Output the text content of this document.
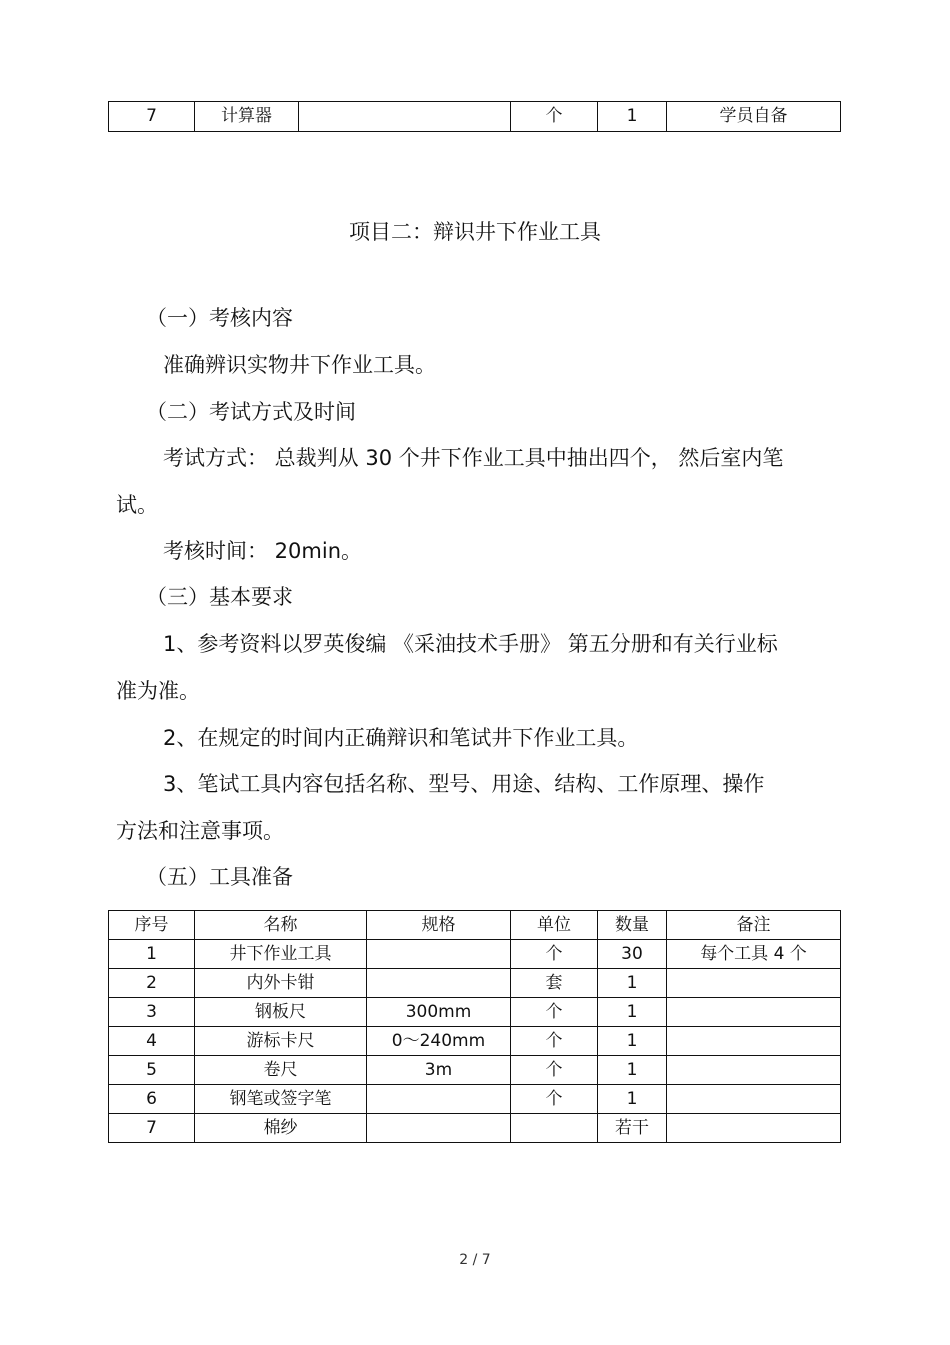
7	计算器		个	1	学员自备
项目二：辩识井下作业工具
（一）考核内容
准确辨识实物井下作业工具。
（二）考试方式及时间
考试方式： 总裁判从 30 个井下作业工具中抽出四个， 然后室内笔
试。
考核时间： 20min。
（三）基本要求
1、参考资料以罗英俊编 《采油技术手册》 第五分册和有关行业标
准为准。
2、在规定的时间内正确辩识和笔试井下作业工具。
3、笔试工具内容包括名称、型号、用途、结构、工作原理、操作
方法和注意事项。
（五）工具准备
序号	名称	规格	单位	数量	备注
1	井下作业工具		个	30	每个工具 4 个
2	内外卡钳		套	1	
3	钢板尺	300mm	个	1	
4	游标卡尺	0～240mm	个	1	
5	卷尺	3m	个	1	
6	钢笔或签字笔		个	1	
7	棉纱			若干	
2 / 7
